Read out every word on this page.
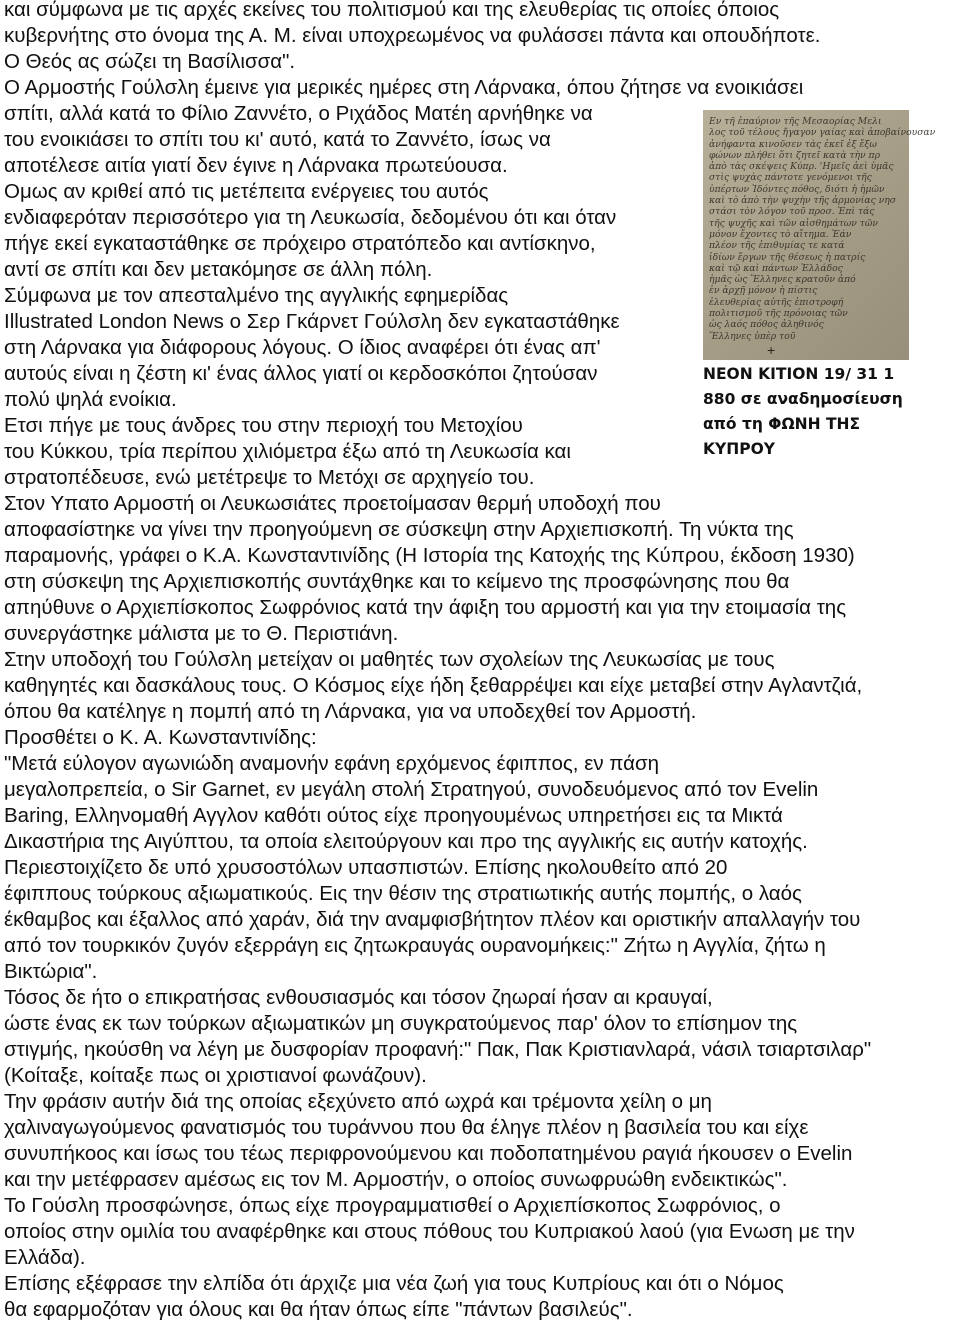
και σύμφωνα με τις αρχές εκείνες του πολιτισμού και της ελευθερίας τις οποίες όποιος
κυβερνήτης στο όνομα της Α. Μ. είναι υποχρεωμένος να φυλάσσει πάντα και οπουδήποτε.
Ο Θεός ας σώζει τη Βασίλισσα".
Ο Αρμοστής Γούλσλη έμεινε για μερικές ημέρες στη Λάρνακα, όπου ζήτησε να ενοικιάσει
σπίτι, αλλά κατά το Φίλιο Ζαννέτο, ο Ριχάδος Ματέη αρνήθηκε να
του ενοικιάσει το σπίτι του κι' αυτό, κατά το Ζαννέτο, ίσως να
αποτέλεσε αιτία γιατί δεν έγινε η Λάρνακα πρωτεύουσα.
Ομως αν κριθεί από τις μετέπειτα ενέργειες του αυτός
ενδιαφερόταν περισσότερο για τη Λευκωσία, δεδομένου ότι και όταν
πήγε εκεί εγκαταστάθηκε σε πρόχειρο στρατόπεδο και αντίσκηνο,
αντί σε σπίτι και δεν μετακόμησε σε άλλη πόλη.
Σύμφωνα με τον απεσταλμένο της αγγλικής εφημερίδας
Illustrated London News ο Σερ Γκάρνετ Γούλσλη δεν εγκαταστάθηκε
στη Λάρνακα για διάφορους λόγους. Ο ίδιος αναφέρει ότι ένας απ'
αυτούς είναι η ζέστη κι' ένας άλλος γιατί οι κερδοσκόποι ζητούσαν
πολύ ψηλά ενοίκια.
Ετσι πήγε με τους άνδρες του στην περιοχή του Μετοχίου
του Κύκκου, τρία περίπου χιλιόμετρα έξω από τη Λευκωσία και
στρατοπέδευσε, ενώ μετέτρεψε το Μετόχι σε αρχηγείο του.
Στον Υπατο Αρμοστή οι Λευκωσιάτες προετοίμασαν θερμή υποδοχή που
αποφασίστηκε να γίνει την προηγούμενη σε σύσκεψη στην Αρχιεπισκοπή. Τη νύκτα της
παραμονής, γράφει ο Κ.Α. Κωνσταντινίδης (Η Ιστορία της Κατοχής της Κύπρου, έκδοση 1930)
στη σύσκεψη της Αρχιεπισκοπής συντάχθηκε και το κείμενο της προσφώνησης που θα
απηύθυνε ο Αρχιεπίσκοπος Σωφρόνιος κατά την άφιξη του αρμοστή και για την ετοιμασία της
συνεργάστηκε μάλιστα με το Θ. Περιστιάνη.
Στην υποδοχή του Γούλσλη μετείχαν οι μαθητές των σχολείων της Λευκωσίας με τους
καθηγητές και δασκάλους τους. Ο Κόσμος είχε ήδη ξεθαρρέψει και είχε μεταβεί στην Αγλαντζιά,
όπου θα κατέληγε η πομπή από τη Λάρνακα, για να υποδεχθεί τον Αρμοστή.
Προσθέτει ο Κ. Α. Κωνσταντινίδης:
"Μετά εύλογον αγωνιώδη αναμονήν εφάνη ερχόμενος έφιππος, εν πάση
μεγαλοπρεπεία, ο Sir Garnet, εν μεγάλη στολή Στρατηγού, συνοδευόμενος από τον Evelin
Baring, Ελληνομαθή Αγγλον καθότι ούτος είχε προηγουμένως υπηρετήσει εις τα Μικτά
Δικαστήρια της Αιγύπτου, τα οποία ελειτούργουν και προ της αγγλικής εις αυτήν κατοχής.
Περιεστοιχίζετο δε υπό χρυσοστόλων υπασπιστών. Επίσης ηκολουθείτο από 20
έφιππους τούρκους αξιωματικούς. Εις την θέσιν της στρατιωτικής αυτής πομπής, ο λαός
έκθαμβος και έξαλλος από χαράν, διά την αναμφισβήτητον πλέον και οριστικήν απαλλαγήν του
από τον τουρκικόν ζυγόν εξερράγη εις ζητωκραυγάς ουρανομήκεις:" Ζήτω η Αγγλία, ζήτω η
Βικτώρια".
Τόσος δε ήτο ο επικρατήσας ενθουσιασμός και τόσον ζηωραί ήσαν αι κραυγαί,
ώστε ένας εκ των τούρκων αξιωματικών μη συγκρατούμενος παρ' όλον το επίσημον της
στιγμής, ηκούσθη να λέγη με δυσφορίαν προφανή:" Πακ, Πακ Κριστιανλαρά, νάσιλ τσιαρτσιλαρ"
(Κοίταξε, κοίταξε πως οι χριστιανοί φωνάζουν).
Την φράσιν αυτήν διά της οποίας εξεχύνετο από ωχρά και τρέμοντα χείλη ο μη
χαλιναγωγούμενος φανατισμός του τυράννου που θα έληγε πλέον η βασιλεία του και είχε
συνυπήκοος και ίσως του τέως περιφρονούμενου και ποδοπατημένου ραγιά ήκουσεν ο Evelin
και την μετέφρασεν αμέσως εις τον Μ. Αρμοστήν, ο οποίος συνωφρυώθη ενδεικτικώς".
Το Γούσλη προσφώνησε, όπως είχε προγραμματισθεί ο Αρχιεπίσκοπος Σωφρόνιος, ο
οποίος στην ομιλία του αναφέρθηκε και στους πόθους του Κυπριακού λαού (για Ενωση με την
Ελλάδα).
Επίσης εξέφρασε την ελπίδα ότι άρχιζε μια νέα ζωή για τους Κυπρίους και ότι ο Νόμος
θα εφαρμοζόταν για όλους και θα ήταν όπως είπε "πάντων βασιλεύς".
Εν τῆ ἐπαύριον τῆς Μεσαορίας Μελι
λος τοῦ τέλους ἤγαγον γαίας καὶ ἀποβαίνουσαν
ἀνήφαντα κινοῦσεν τὰς ἐκεῖ ἐξ ἔξω
φώνων πλήθει ὅτι ζητεῖ κατὰ τὴν πρ
ἀπὸ τὰς σκέψεις Κύπρ. 'Ημεῖς ἀεὶ ὑμᾶς
στὶς ψυχὰς πάντοτε γενόμενοι τῆς
ὑπέρτων Ἰδόντες πόθος, διότι ἡ ἡμῶν
καὶ τὸ ἀπὸ τὴν ψυχὴν τῆς ἀρμονίας νησ
στάσι τὸν λόγον τοῦ προσ. Ἐπὶ τάς
τῆς ψυχῆς καὶ τῶν αἰσθημάτων τῶν
μόνον ἔχοντες τὸ αἴτημα. Ἐάν
πλέον τῆς ἐπιθυμίας τε κατά
ἰδίων ἔργων τῆς θέσεως ἡ πατρίς
καὶ τῷ καὶ πάντων Ἐλλάδος
ἡμᾶς ὡς Ἕλληνες κρατοῦν ἀπό
ἐν ἀρχῇ μόνον ἡ πίστις
ἐλευθερίας αὐτῆς ἐπιστροφή
πολιτισμοῦ τῆς πρόνοιας τῶν
ὡς λαός πόθος ἀληθινός
Ἕλληνες ὑπὲρ τοῦ
+
ΝΕΟΝ ΚΙΤΙΟΝ 19/ 31 1
880 σε αναδημοσίευση
από τη ΦΩΝΗ ΤΗΣ
ΚΥΠΡΟΥ
